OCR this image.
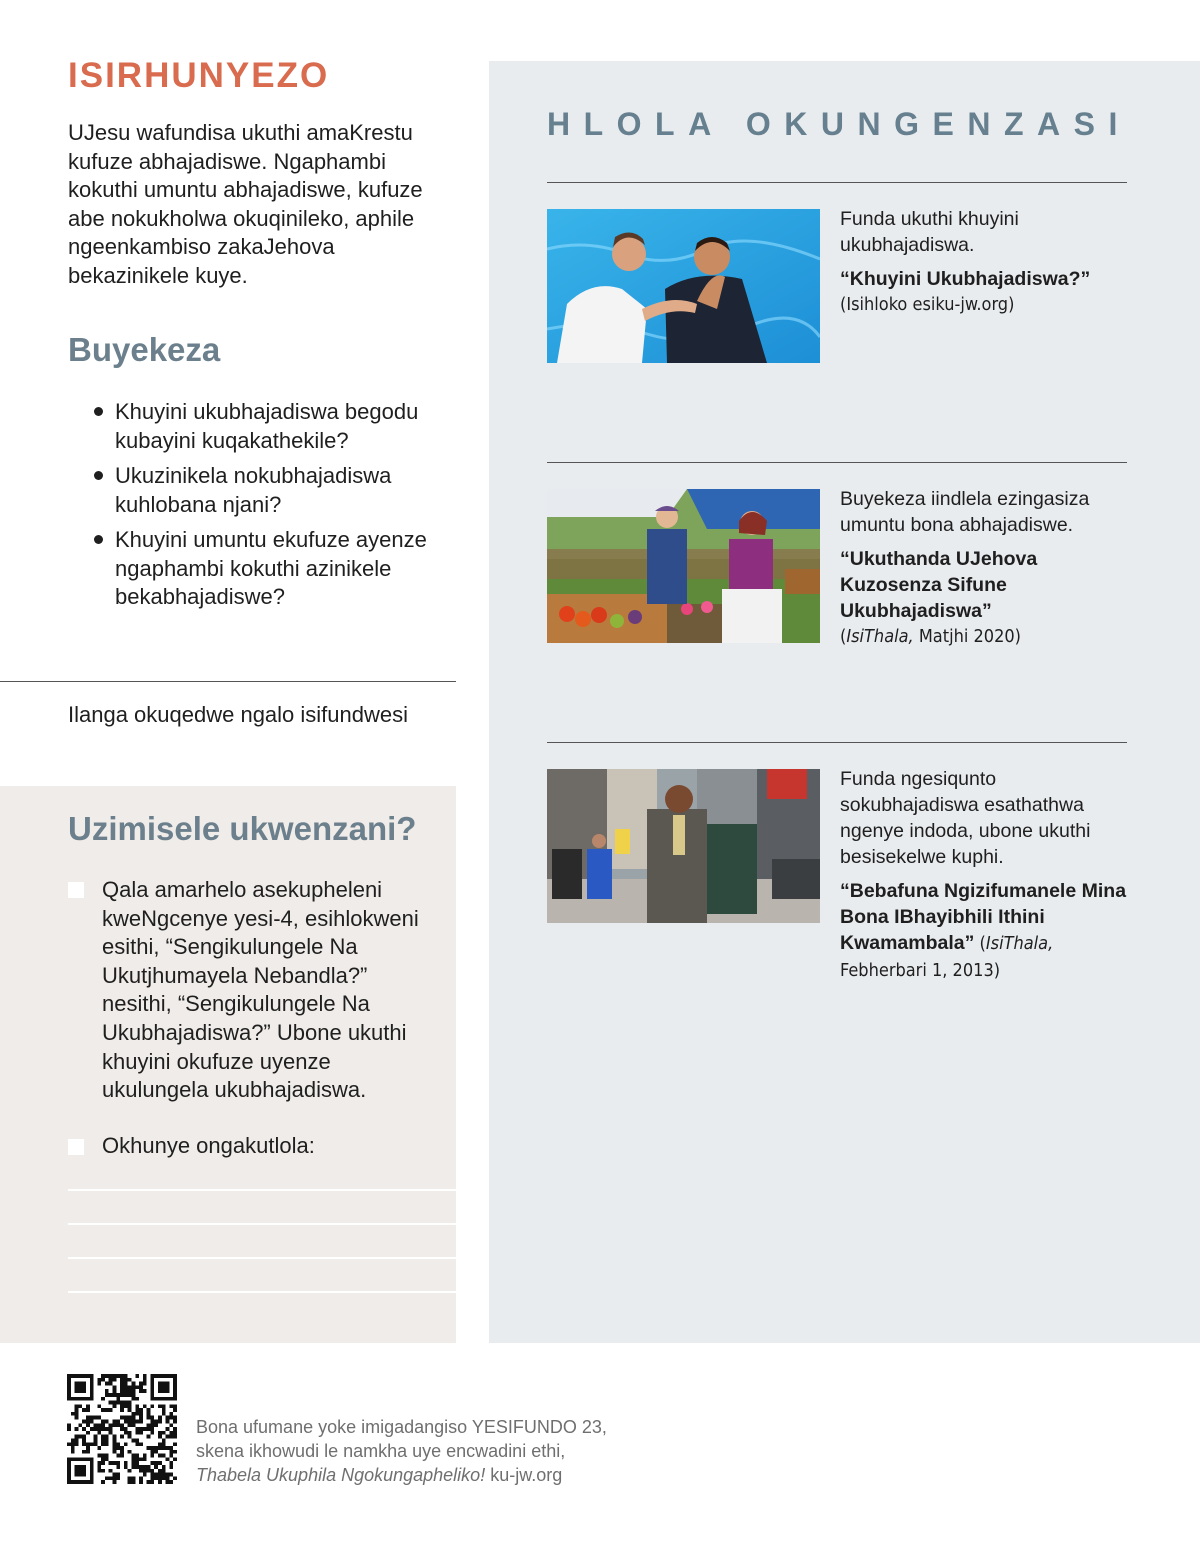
ISIRHUNYEZO

UJesu wafundisa ukuthi amaKrestu kufuze abhajadiswe. Ngaphambi kokuthi umuntu abhajadiswe, kufuze abe nokukholwa okuqinileko, aphile ngeenkambiso zakaJehova bekazinikele kuye.

Buyekeza
Khuyini ukubhajadiswa begodu kubayini kuqakathekile?
Ukuzinikela nokubhajadiswa kuhlobana njani?
Khuyini umuntu ekufuze ayenze ngaphambi kokuthi azinikele bekabhajadiswe?
Ilanga okuqedwe ngalo isifundwesi
Uzimisele ukwenzani?

Qala amarhelo asekupheleni kweNgcenye yesi-4, esihlokweni esithi, “Sengikulungele Na Ukutjhumayela Nebandla?” nesithi, “Sengikulungele Na Ukubhajadiswa?” Ubone ukuthi khuyini okufuze uyenze ukulungela ukubhajadiswa.

Okhunye ongakutlola:
HLOLA OKUNGENZASI

Funda ukuthi khuyini ukubhajadiswa.

“Khuyini Ukubhajadiswa?”

(Isihloko esiku-jw.org)

Buyekeza iindlela ezingasiza umuntu bona abhajadiswe.

“Ukuthanda UJehova Kuzosenza Sifune Ukubhajadiswa”

(IsiThala, Matjhi 2020)

Funda ngesiqunto sokubhajadiswa esathathwa ngenye indoda, ubone ukuthi besisekelwe kuphi.

“Bebafuna Ngizifumanele Mina Bona IBhayibhili Ithini Kwamambala” (IsiThala, Febherbari 1, 2013)

Bona ufumane yoke imigadangiso YESIFUNDO 23,
skena ikhowudi le namkha uye encwadini ethi,
Thabela Ukuphila Ngokungapheliko! ku-jw.org
